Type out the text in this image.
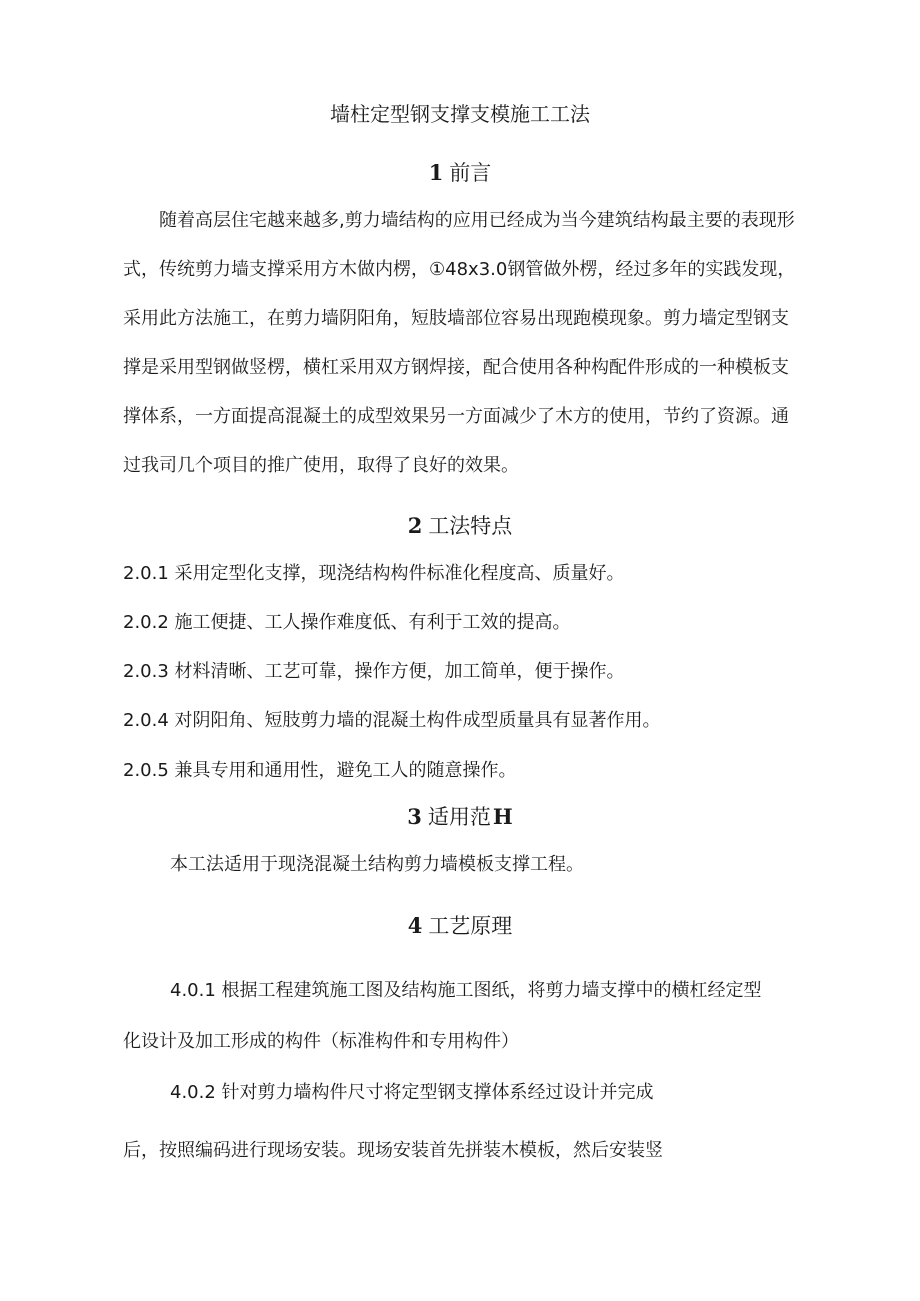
墙柱定型钢支撑支模施工工法
1 前言

　　随着高层住宅越来越多,剪力墙结构的应用已经成为当今建筑结构最主要的表现形式，传统剪力墙支撑采用方木做内楞，①48x3.0钢管做外楞，经过多年的实践发现，采用此方法施工，在剪力墙阴阳角，短肢墙部位容易出现跑模现象。剪力墙定型钢支撑是采用型钢做竖楞，横杠采用双方钢焊接，配合使用各种构配件形成的一种模板支撑体系，一方面提高混凝土的成型效果另一方面减少了木方的使用，节约了资源。通过我司几个项目的推广使用，取得了良好的效果。

2 工法特点

2.0.1 采用定型化支撑，现浇结构构件标准化程度高、质量好。

2.0.2 施工便捷、工人操作难度低、有利于工效的提高。

2.0.3 材料清晰、工艺可靠，操作方便，加工简单，便于操作。

2.0.4 对阴阳角、短肢剪力墙的混凝土构件成型质量具有显著作用。

2.0.5 兼具专用和通用性，避免工人的随意操作。

3 适用范H

本工法适用于现浇混凝土结构剪力墙模板支撑工程。

4 工艺原理

4.0.1 根据工程建筑施工图及结构施工图纸，将剪力墙支撑中的横杠经定型

化设计及加工形成的构件（标准构件和专用构件）

4.0.2 针对剪力墙构件尺寸将定型钢支撑体系经过设计并完成

后，按照编码进行现场安装。现场安装首先拼装木模板，然后安装竖
